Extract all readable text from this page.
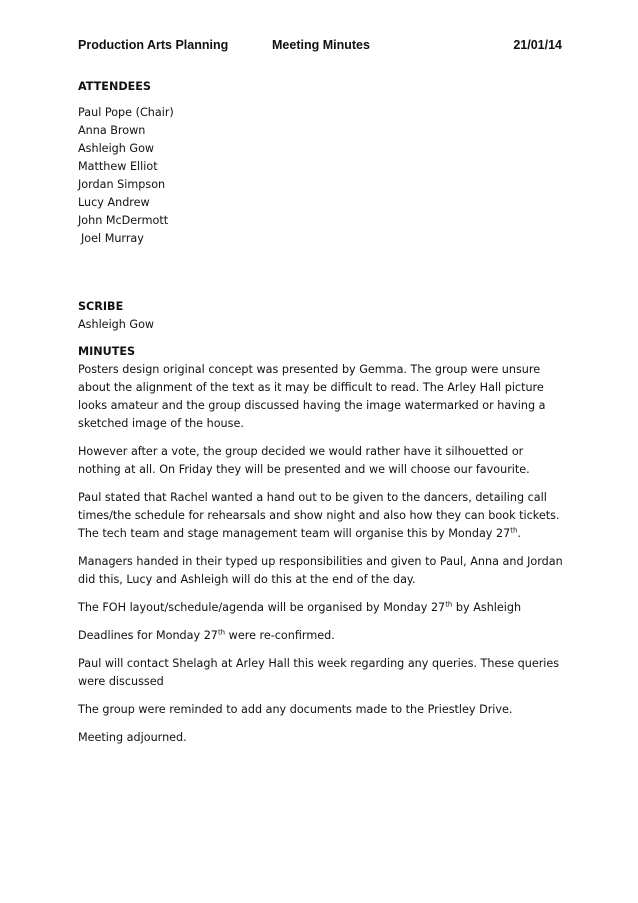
Production Arts Planning	Meeting Minutes	21/01/14
ATTENDEES
Paul Pope (Chair)
Anna Brown
Ashleigh Gow
Matthew Elliot
Jordan Simpson
Lucy Andrew
John McDermott
Joel Murray
SCRIBE
Ashleigh Gow
MINUTES

Posters design original concept was presented by Gemma. The group were unsure about the alignment of the text as it may be difficult to read. The Arley Hall picture looks amateur and the group discussed having the image watermarked or having a sketched image of the house.

However after a vote, the group decided we would rather have it silhouetted or nothing at all. On Friday they will be presented and we will choose our favourite.

Paul stated that Rachel wanted a hand out to be given to the dancers, detailing call times/the schedule for rehearsals and show night and also how they can book tickets. The tech team and stage management team will organise this by Monday 27th.

Managers handed in their typed up responsibilities and given to Paul, Anna and Jordan did this, Lucy and Ashleigh will do this at the end of the day.

The FOH layout/schedule/agenda will be organised by Monday 27th by Ashleigh

Deadlines for Monday 27th were re-confirmed.

Paul will contact Shelagh at Arley Hall this week regarding any queries. These queries were discussed

The group were reminded to add any documents made to the Priestley Drive.

Meeting adjourned.
